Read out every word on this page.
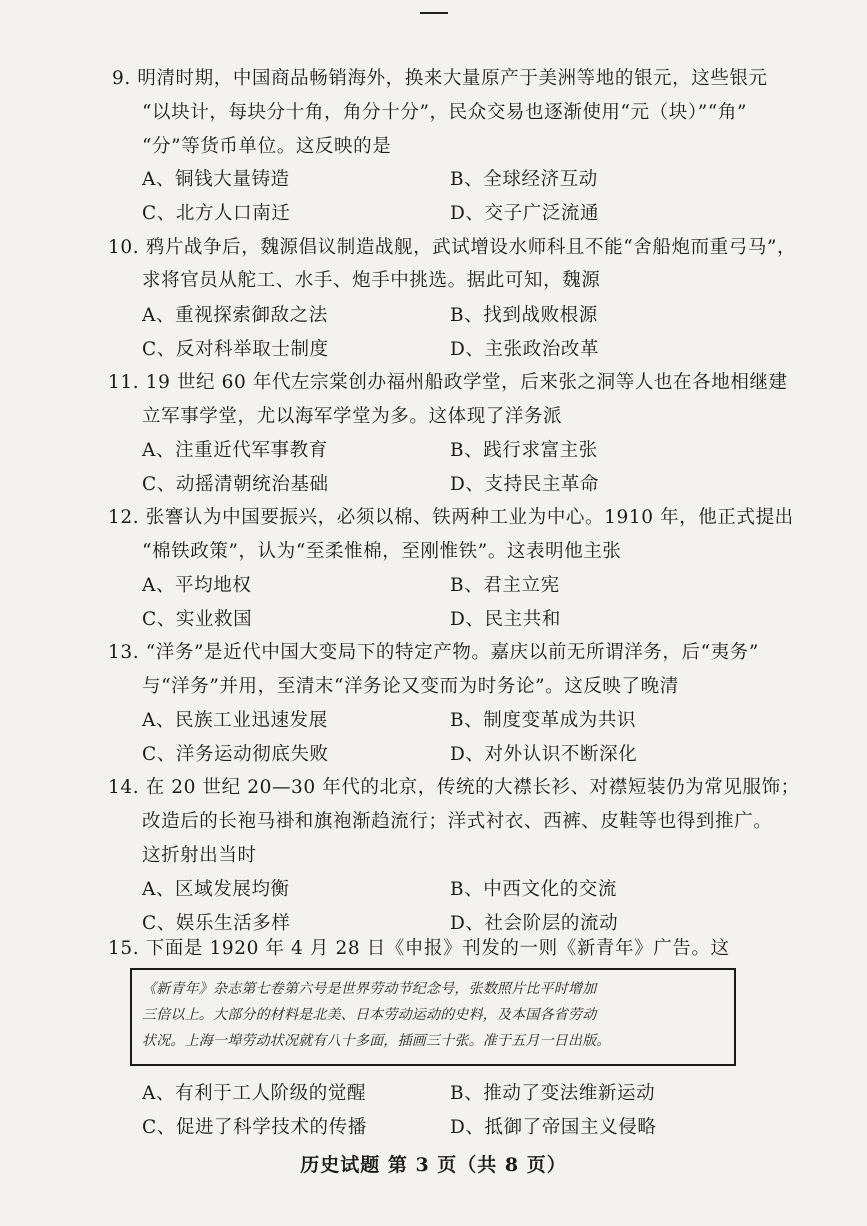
9. 明清时期，中国商品畅销海外，换来大量原产于美洲等地的银元，这些银元
“以块计，每块分十角，角分十分”，民众交易也逐渐使用“元（块）”“角”
“分”等货币单位。这反映的是
A、铜钱大量铸造	B、全球经济互动
C、北方人口南迁	D、交子广泛流通
10. 鸦片战争后，魏源倡议制造战舰，武试增设水师科且不能“舍船炮而重弓马”，
求将官员从舵工、水手、炮手中挑选。据此可知，魏源
A、重视探索御敌之法	B、找到战败根源
C、反对科举取士制度	D、主张政治改革
11. 19 世纪 60 年代左宗棠创办福州船政学堂，后来张之洞等人也在各地相继建
立军事学堂，尤以海军学堂为多。这体现了洋务派
A、注重近代军事教育	B、践行求富主张
C、动摇清朝统治基础	D、支持民主革命
12. 张謇认为中国要振兴，必须以棉、铁两种工业为中心。1910 年，他正式提出
“棉铁政策”，认为“至柔惟棉，至刚惟铁”。这表明他主张
A、平均地权	B、君主立宪
C、实业救国	D、民主共和
13. “洋务”是近代中国大变局下的特定产物。嘉庆以前无所谓洋务，后“夷务”
与“洋务”并用，至清末“洋务论又变而为时务论”。这反映了晚清
A、民族工业迅速发展	B、制度变革成为共识
C、洋务运动彻底失败	D、对外认识不断深化
14. 在 20 世纪 20—30 年代的北京，传统的大襟长衫、对襟短装仍为常见服饰；
改造后的长袍马褂和旗袍渐趋流行；洋式衬衣、西裤、皮鞋等也得到推广。
这折射出当时
A、区域发展均衡	B、中西文化的交流
C、娱乐生活多样	D、社会阶层的流动
15. 下面是 1920 年 4 月 28 日《申报》刊发的一则《新青年》广告。这
《新青年》杂志第七卷第六号是世界劳动节纪念号，张数照片比平时增加
三倍以上。大部分的材料是北美、日本劳动运动的史料，及本国各省劳动
状况。上海一埠劳动状况就有八十多面，插画三十张。准于五月一日出版。
A、有利于工人阶级的觉醒	B、推动了变法维新运动
C、促进了科学技术的传播	D、抵御了帝国主义侵略
历史试题 第 3 页（共 8 页）
